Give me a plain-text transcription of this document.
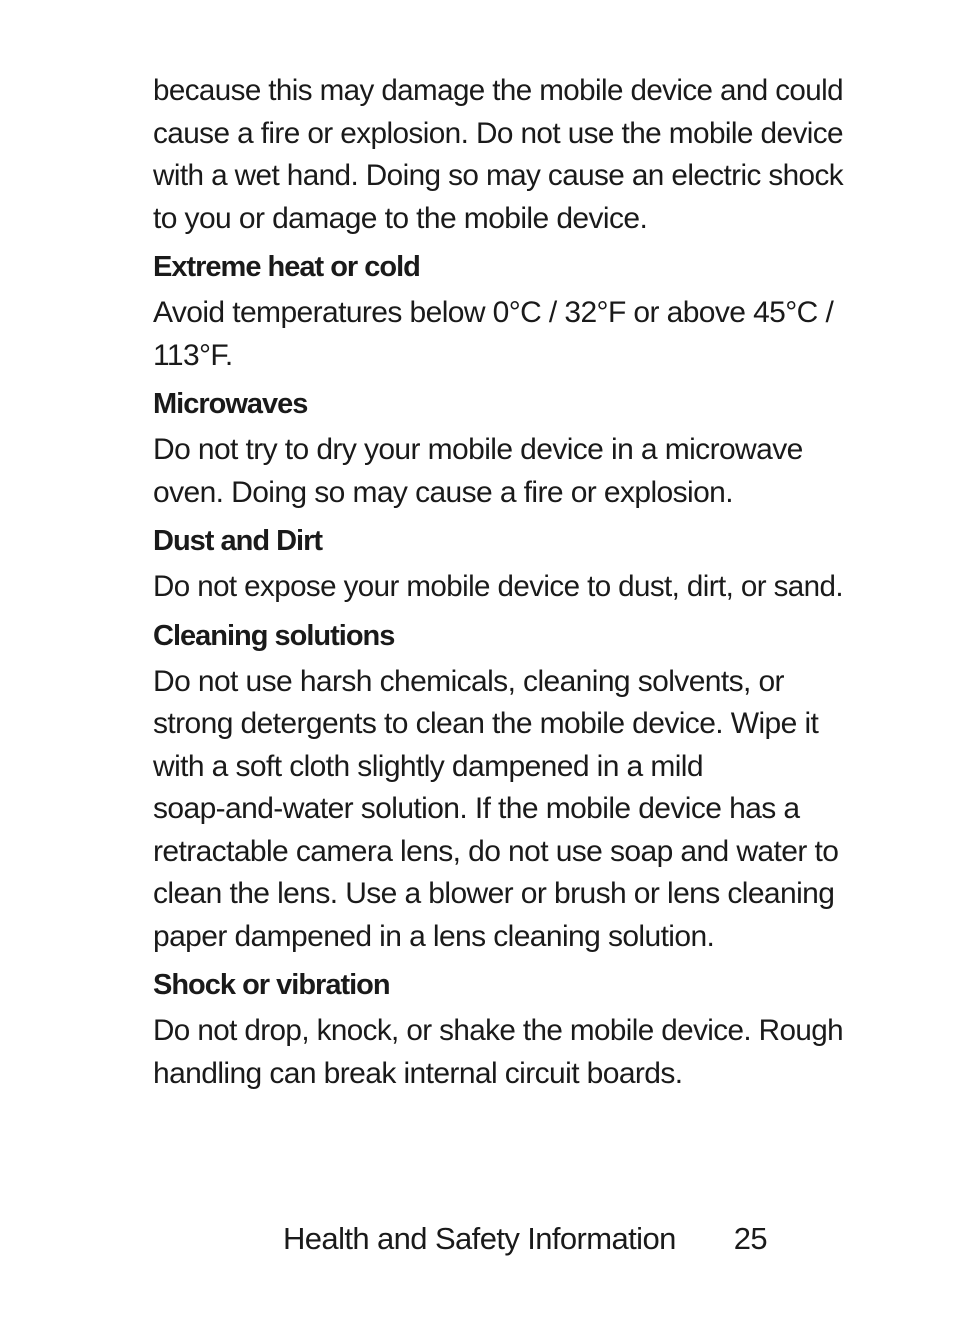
because this may damage the mobile device and could
cause a fire or explosion. Do not use the mobile device
with a wet hand. Doing so may cause an electric shock
to you or damage to the mobile device.

Extreme heat or cold

Avoid temperatures below 0°C / 32°F or above 45°C /
113°F.

Microwaves

Do not try to dry your mobile device in a microwave
oven. Doing so may cause a fire or explosion.

Dust and Dirt

Do not expose your mobile device to dust, dirt, or sand.

Cleaning solutions

Do not use harsh chemicals, cleaning solvents, or
strong detergents to clean the mobile device. Wipe it
with a soft cloth slightly dampened in a mild
soap-and-water solution. If the mobile device has a
retractable camera lens, do not use soap and water to
clean the lens. Use a blower or brush or lens cleaning
paper dampened in a lens cleaning solution.

Shock or vibration

Do not drop, knock, or shake the mobile device. Rough
handling can break internal circuit boards.

Health and Safety Information 25
